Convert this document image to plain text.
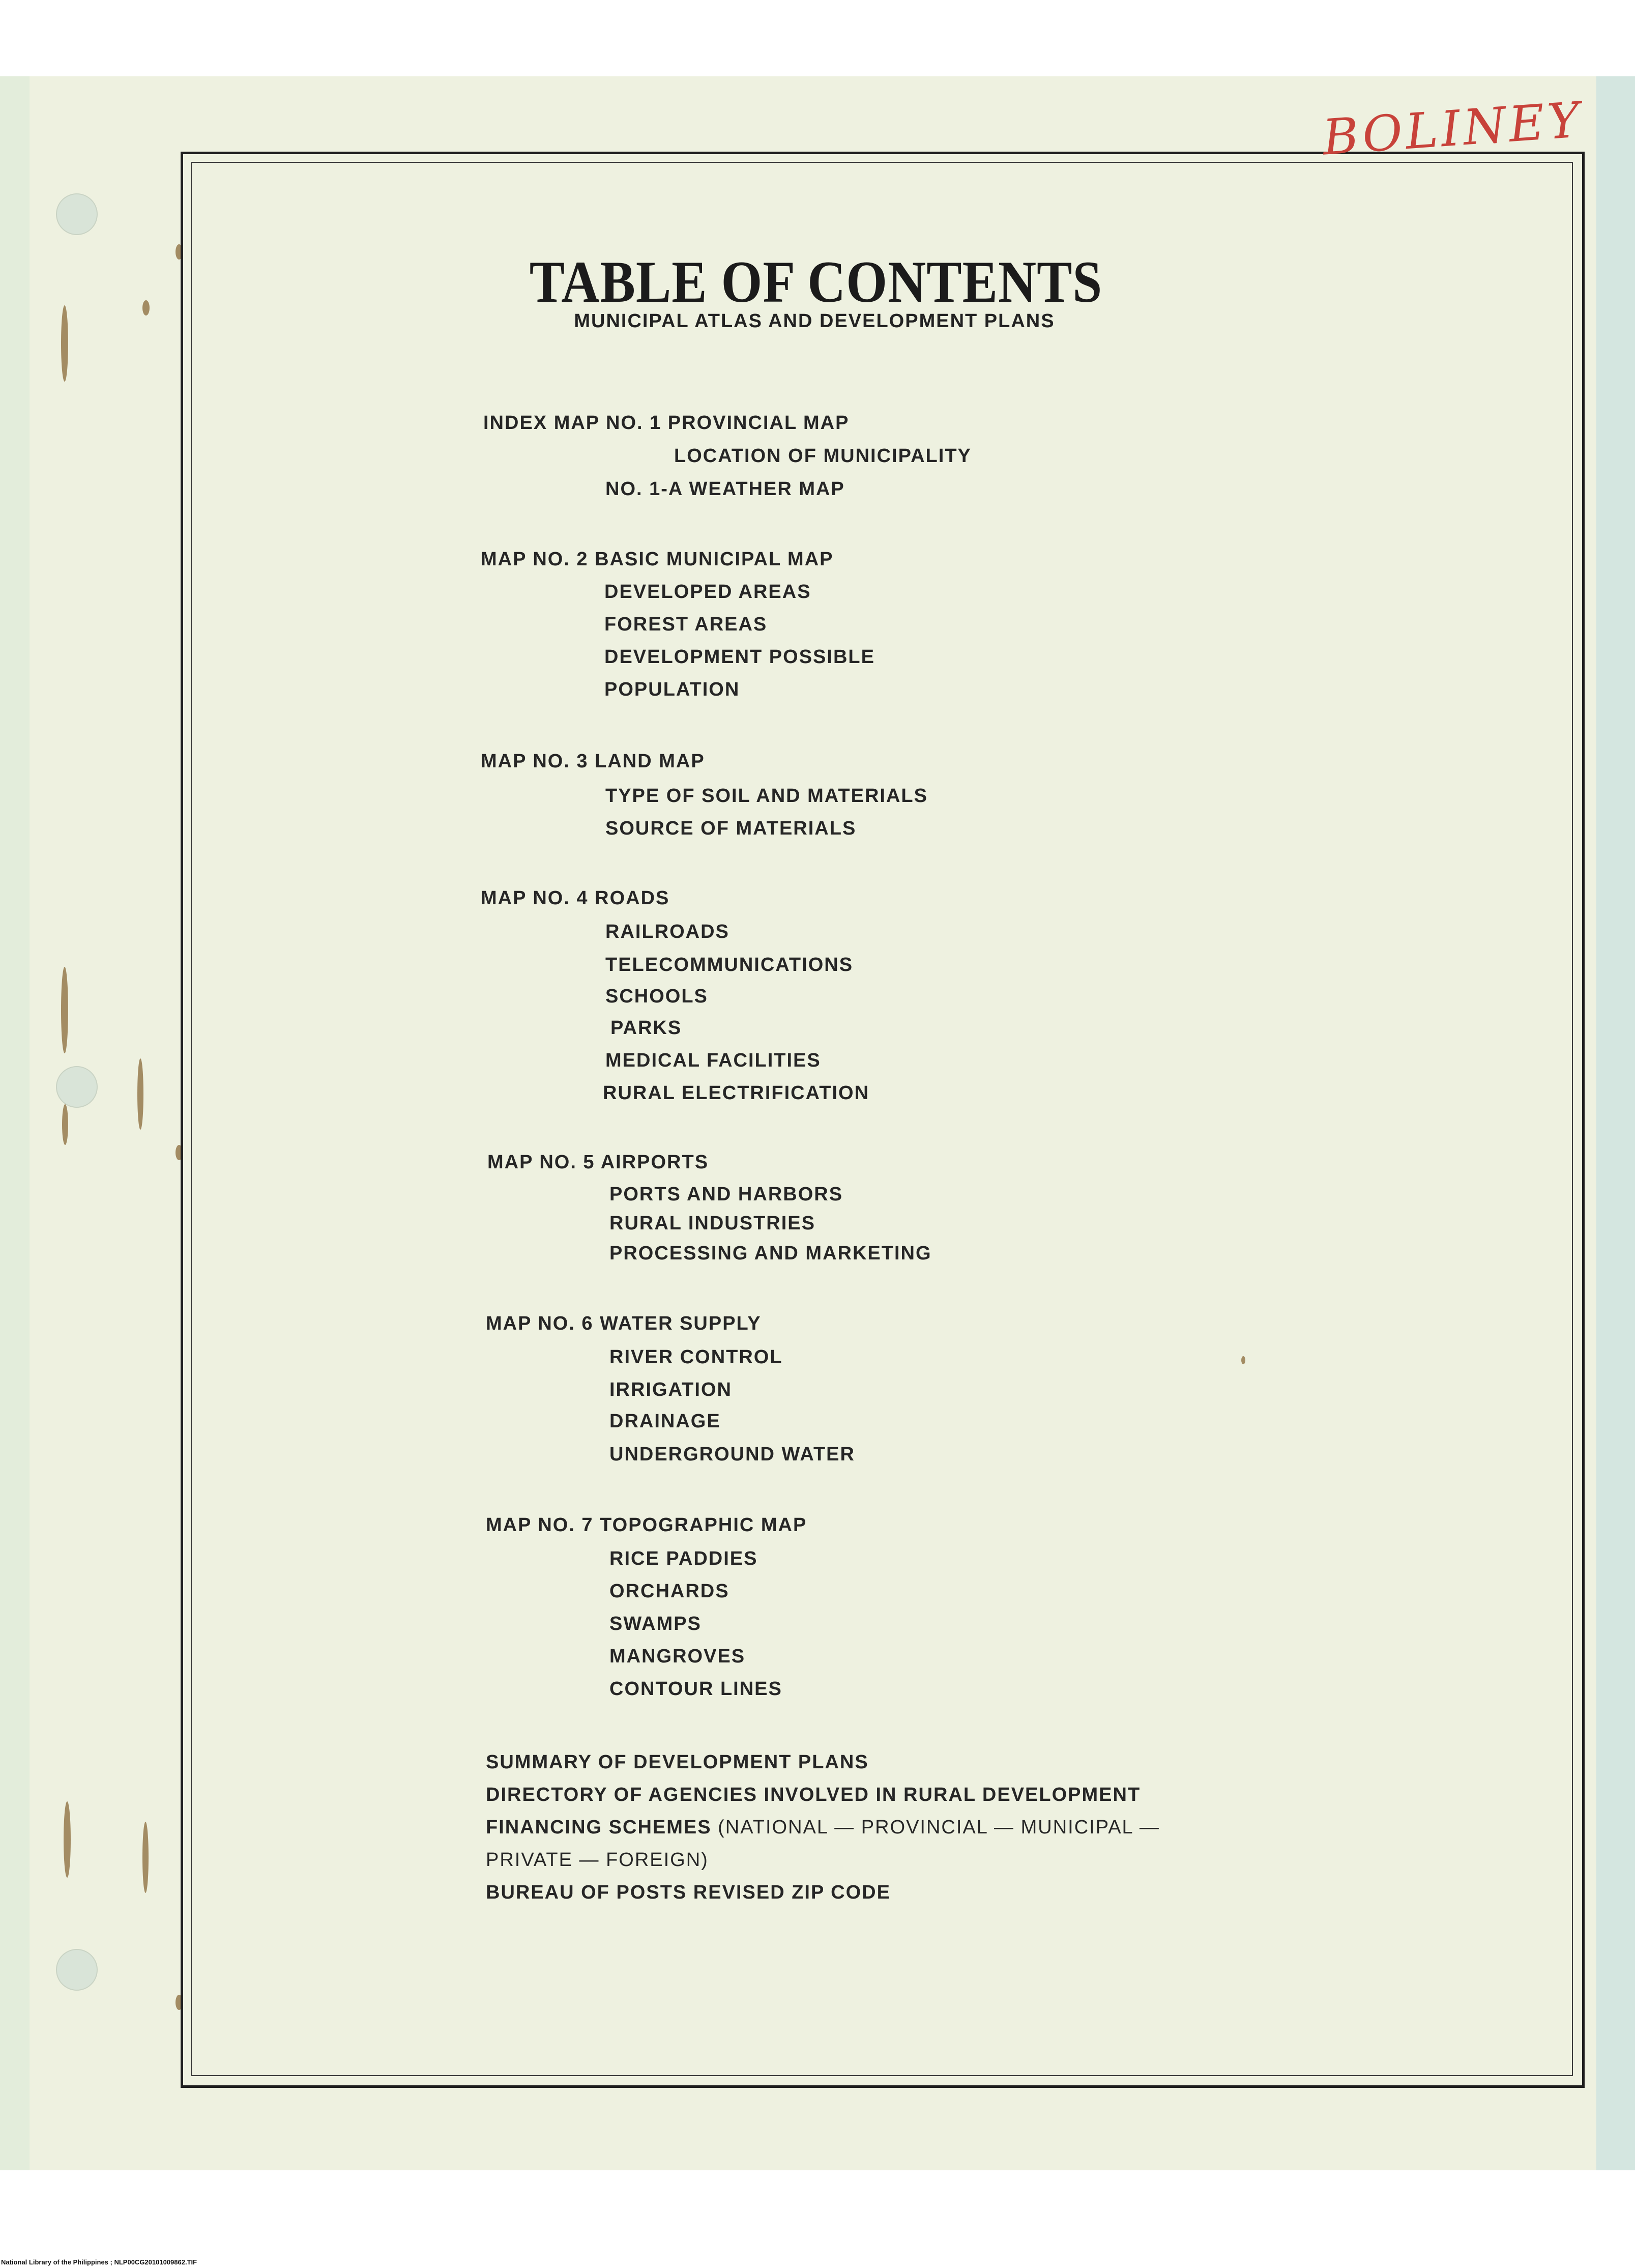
BOLINEY
TABLE OF CONTENTS
MUNICIPAL ATLAS AND DEVELOPMENT PLANS
INDEX MAP NO. 1 PROVINCIAL MAP
LOCATION OF MUNICIPALITY
NO. 1-A WEATHER MAP
MAP NO. 2 BASIC MUNICIPAL MAP
DEVELOPED AREAS
FOREST AREAS
DEVELOPMENT POSSIBLE
POPULATION
MAP NO. 3 LAND MAP
TYPE OF SOIL AND MATERIALS
SOURCE OF MATERIALS
MAP NO. 4 ROADS
RAILROADS
TELECOMMUNICATIONS
SCHOOLS
PARKS
MEDICAL FACILITIES
RURAL ELECTRIFICATION
MAP NO. 5 AIRPORTS
PORTS AND HARBORS
RURAL INDUSTRIES
PROCESSING AND MARKETING
MAP NO. 6 WATER SUPPLY
RIVER CONTROL
IRRIGATION
DRAINAGE
UNDERGROUND WATER
MAP NO. 7 TOPOGRAPHIC MAP
RICE PADDIES
ORCHARDS
SWAMPS
MANGROVES
CONTOUR LINES
SUMMARY OF DEVELOPMENT PLANS
DIRECTORY OF AGENCIES INVOLVED IN RURAL DEVELOPMENT
FINANCING SCHEMES (NATIONAL — PROVINCIAL — MUNICIPAL —
PRIVATE — FOREIGN)
BUREAU OF POSTS REVISED ZIP CODE
National Library of the Philippines ; NLP00CG20101009862.TIF
